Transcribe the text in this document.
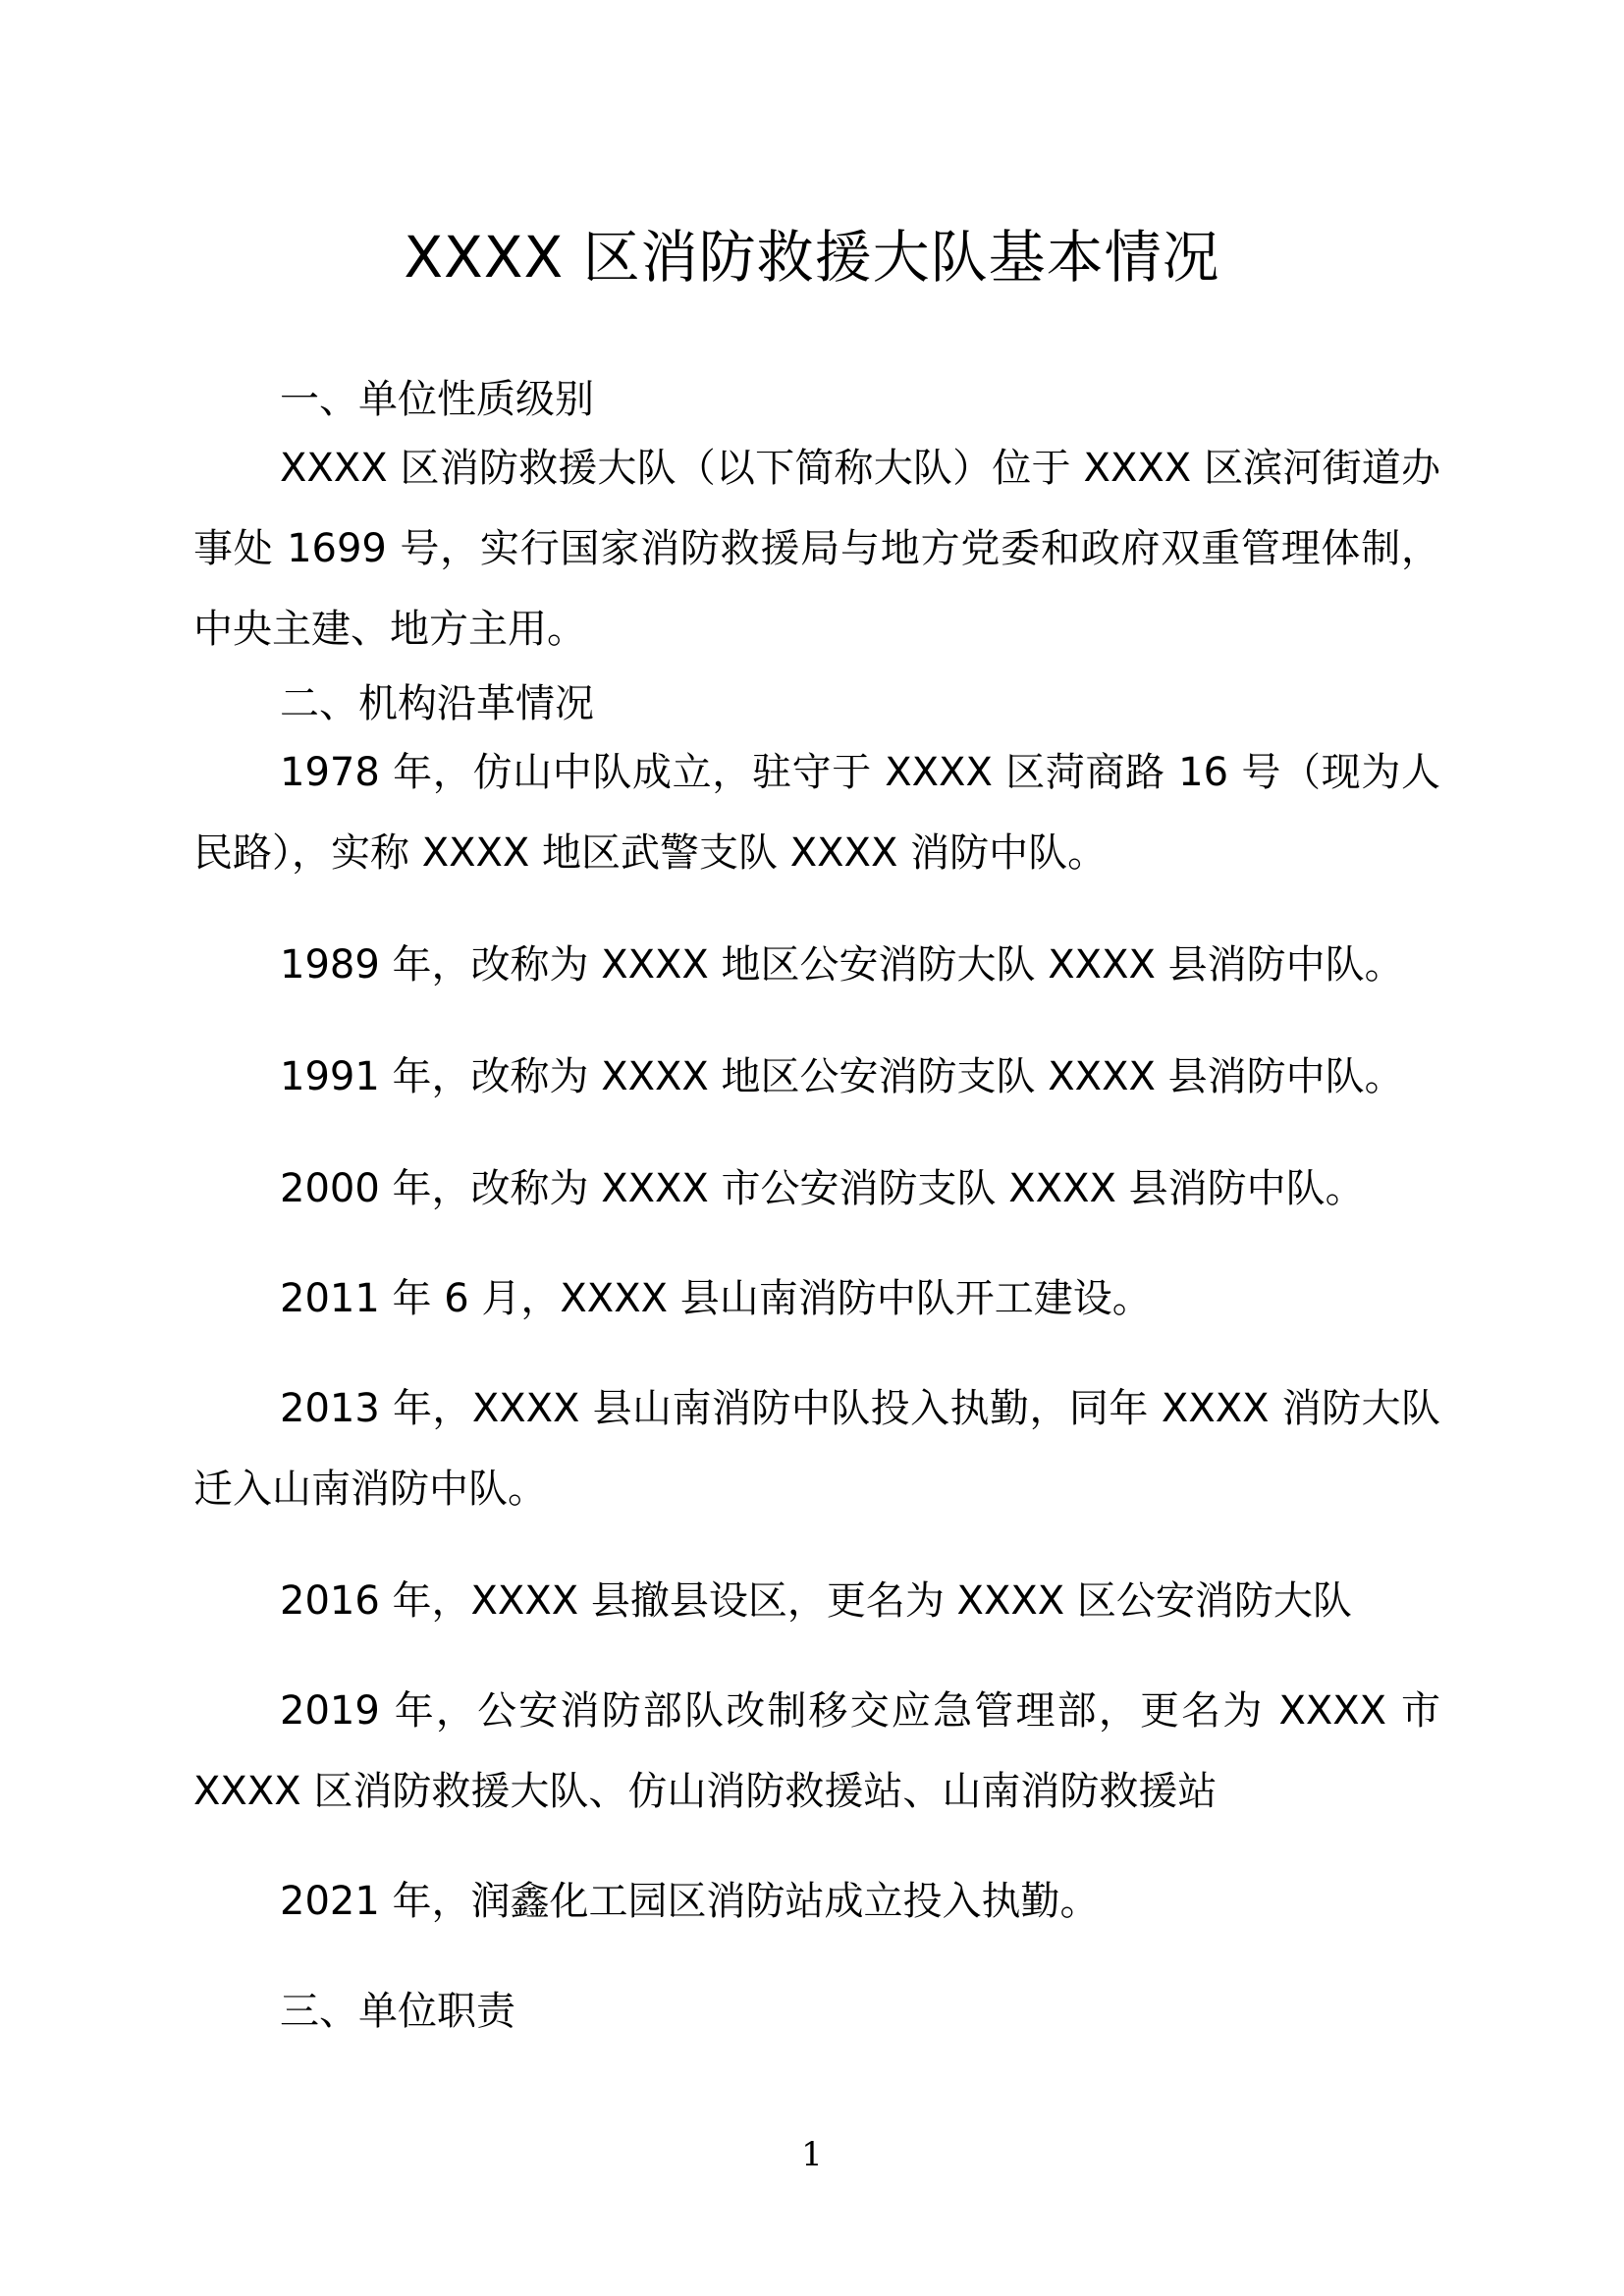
XXXX 区消防救援大队基本情况

一、单位性质级别

XXXX 区消防救援大队（以下简称大队）位于 XXXX 区滨河街道办事处 1699 号，实行国家消防救援局与地方党委和政府双重管理体制，中央主建、地方主用。

二、机构沿革情况

1978 年，仿山中队成立，驻守于 XXXX 区菏商路 16 号（现为人民路），实称 XXXX 地区武警支队 XXXX 消防中队。

1989 年，改称为 XXXX 地区公安消防大队 XXXX 县消防中队。

1991 年，改称为 XXXX 地区公安消防支队 XXXX 县消防中队。

2000 年，改称为 XXXX 市公安消防支队 XXXX 县消防中队。

2011 年 6 月，XXXX 县山南消防中队开工建设。

2013 年，XXXX 县山南消防中队投入执勤，同年 XXXX 消防大队迁入山南消防中队。

2016 年，XXXX 县撤县设区，更名为 XXXX 区公安消防大队

2019 年，公安消防部队改制移交应急管理部，更名为 XXXX 市 XXXX 区消防救援大队、仿山消防救援站、山南消防救援站

2021 年，润鑫化工园区消防站成立投入执勤。

三、单位职责

1
